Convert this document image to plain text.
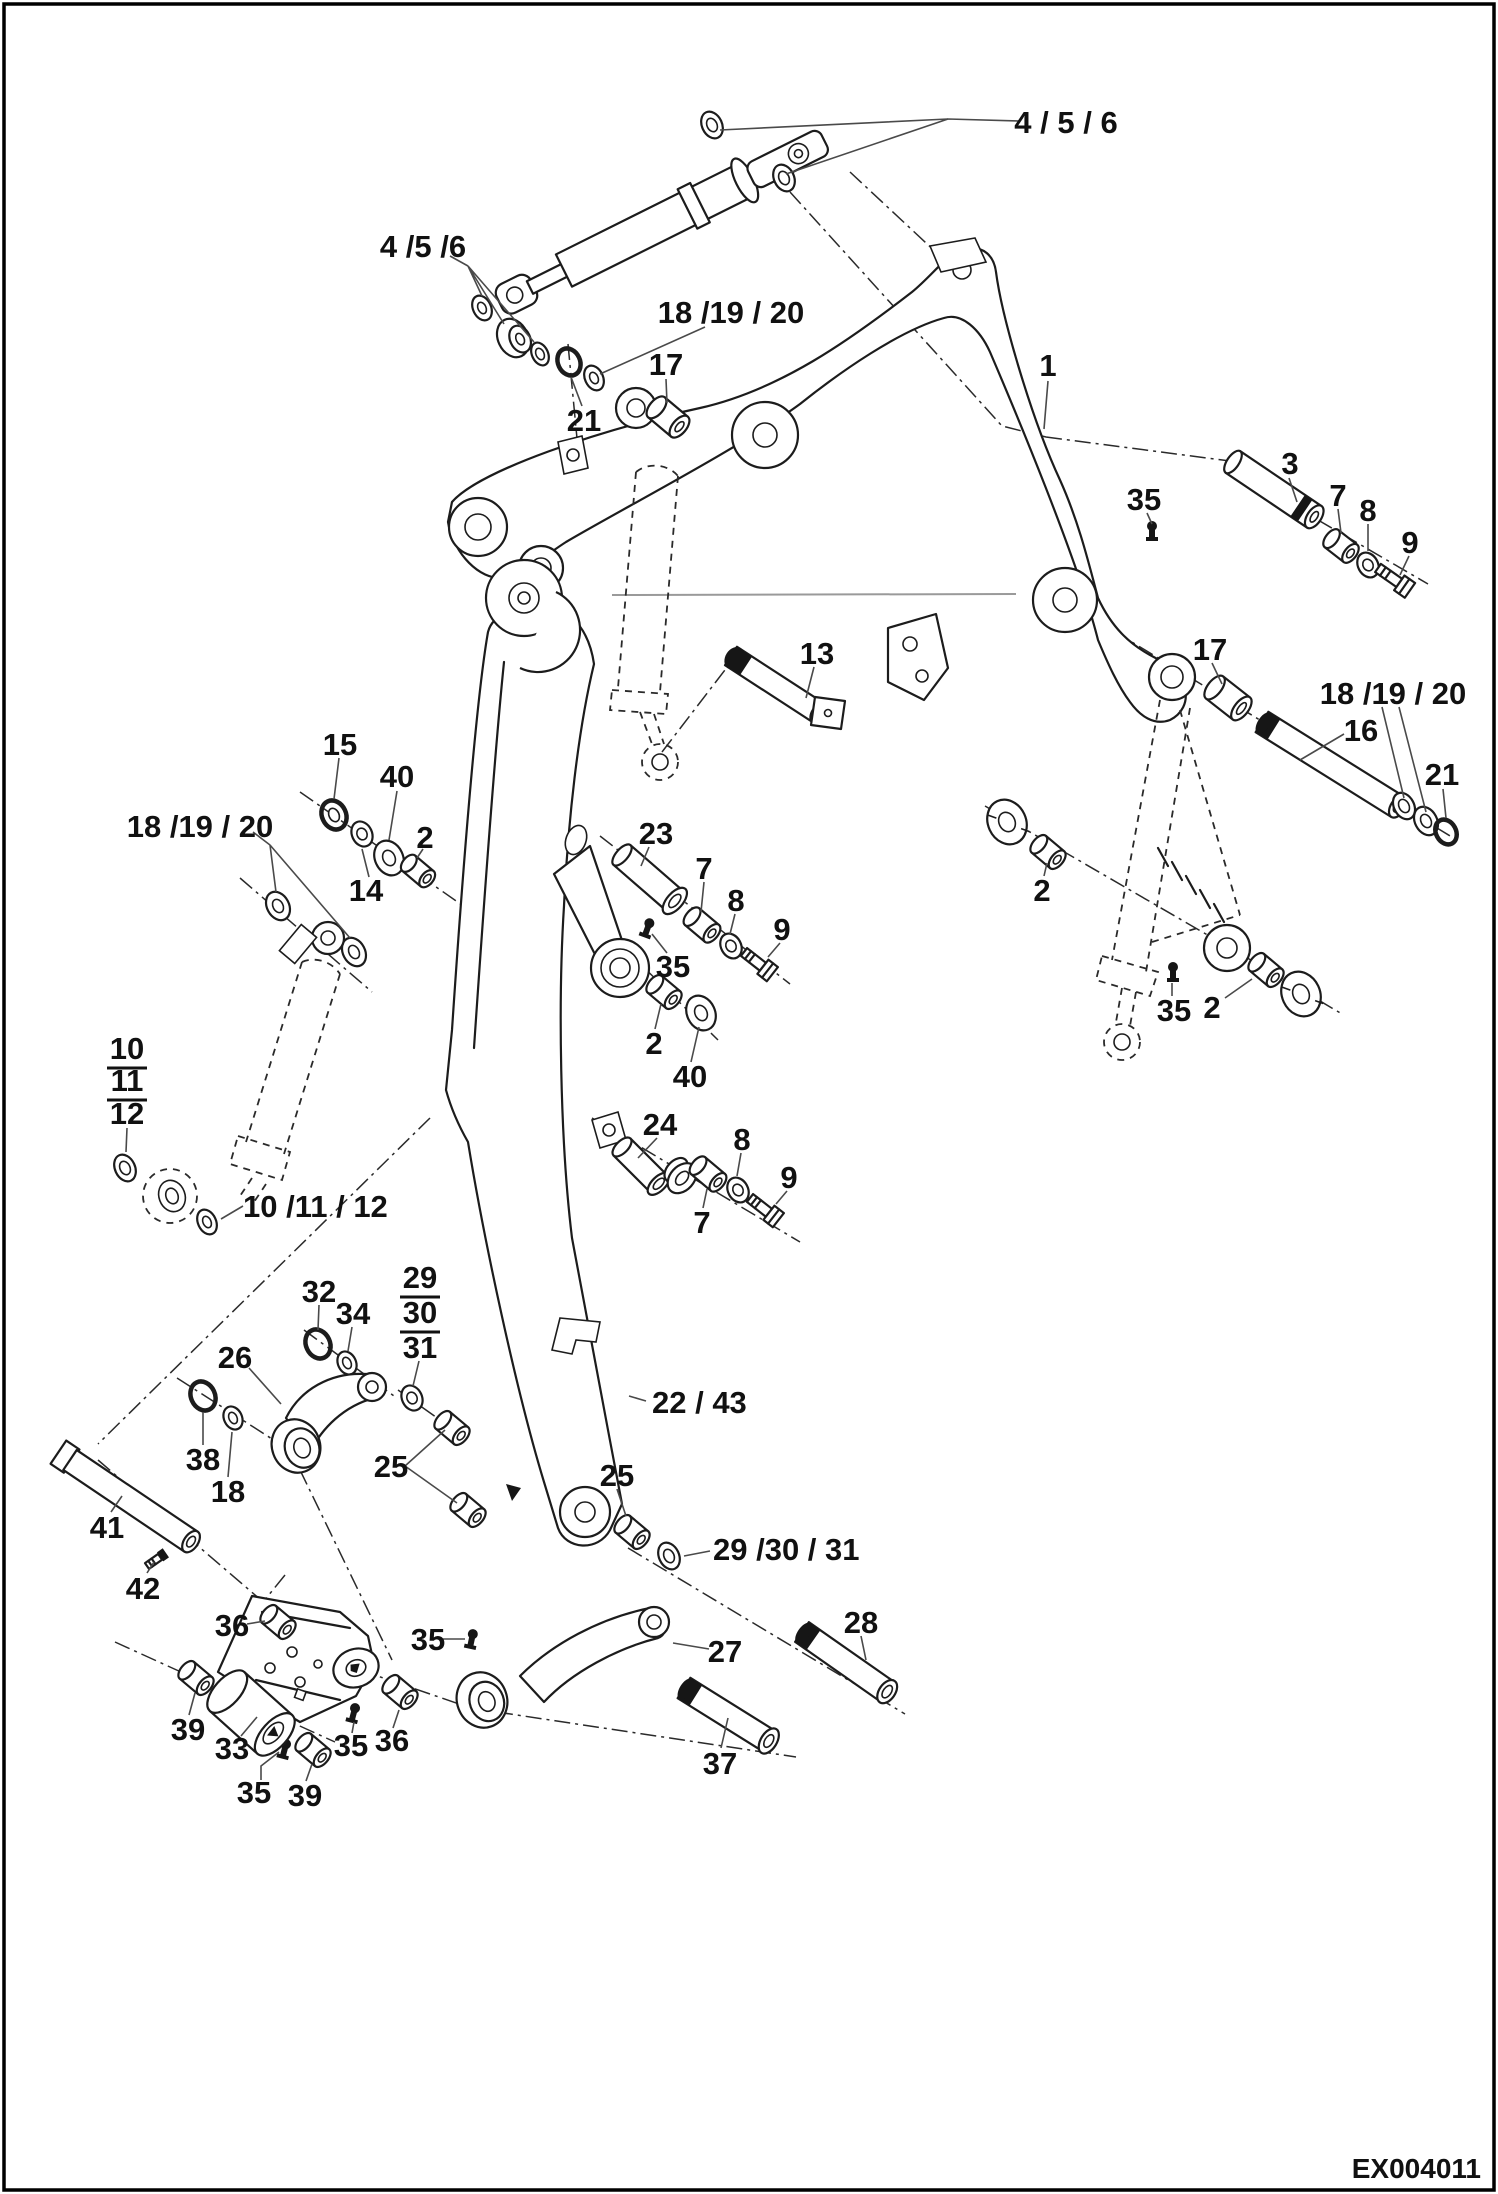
4 /5 /6
4 / 5 / 6
18 /19 / 20
17
21
1
3
35	7 8
9
13	17
18 /19 / 20
16
21
15
40
2
14
18 /19 / 20	23
7
8
9
35
2
40
2
35 2
10
11
12
10 /11 / 12
24 8
9
7
32
34
29
30
31
26
25
22 / 43
25
29 /30 / 31
38
18
41
42
36
39
33
35
35
39
36
35	27
28
37
EX004011
